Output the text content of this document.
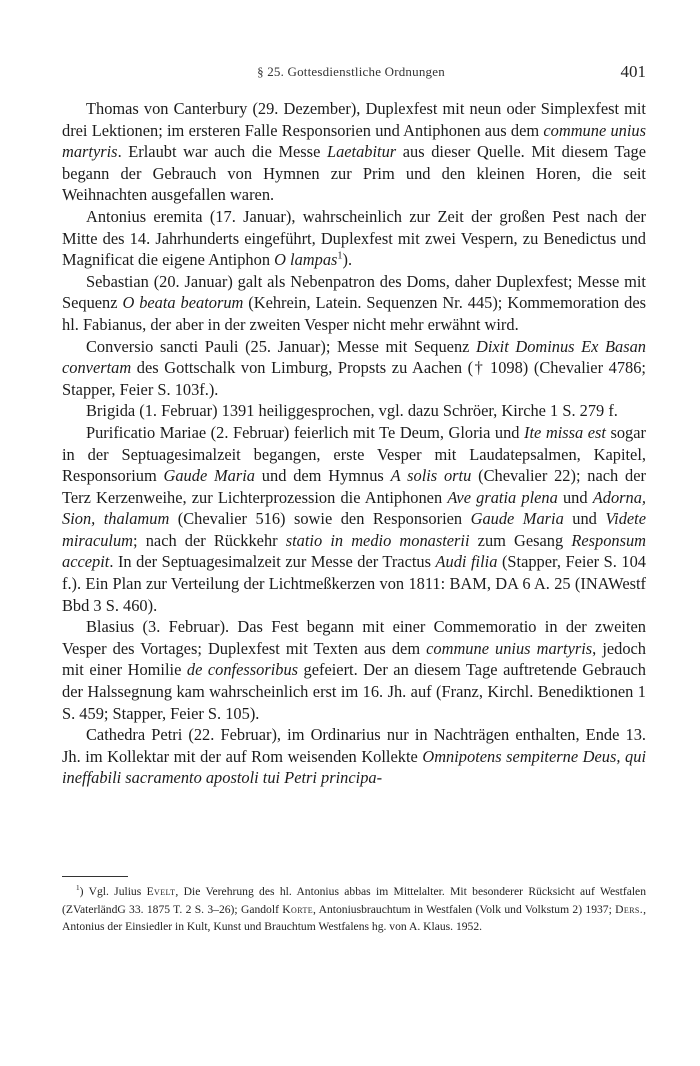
§ 25. Gottesdienstliche Ordnungen	401

Thomas von Canterbury (29. Dezember), Duplexfest mit neun oder Simplexfest mit drei Lektionen; im ersteren Falle Responsorien und Antiphonen aus dem commune unius martyris. Erlaubt war auch die Messe Laetabitur aus dieser Quelle. Mit diesem Tage begann der Gebrauch von Hymnen zur Prim und den kleinen Horen, die seit Weihnachten ausgefallen waren.

Antonius eremita (17. Januar), wahrscheinlich zur Zeit der großen Pest nach der Mitte des 14. Jahrhunderts eingeführt, Duplexfest mit zwei Vespern, zu Benedictus und Magnificat die eigene Antiphon O lampas$^1$).

Sebastian (20. Januar) galt als Nebenpatron des Doms, daher Duplexfest; Messe mit Sequenz O beata beatorum (Kehrein, Latein. Sequenzen Nr. 445); Kommemoration des hl. Fabianus, der aber in der zweiten Vesper nicht mehr erwähnt wird.

Conversio sancti Pauli (25. Januar); Messe mit Sequenz Dixit Dominus Ex Basan convertam des Gottschalk von Limburg, Propsts zu Aachen († 1098) (Chevalier 4786; Stapper, Feier S. 103f.).

Brigida (1. Februar) 1391 heiliggesprochen, vgl. dazu Schröer, Kirche 1 S. 279 f.

Purificatio Mariae (2. Februar) feierlich mit Te Deum, Gloria und Ite missa est sogar in der Septuagesimalzeit begangen, erste Vesper mit Laudatepsalmen, Kapitel, Responsorium Gaude Maria und dem Hymnus A solis ortu (Chevalier 22); nach der Terz Kerzenweihe, zur Lichterprozession die Antiphonen Ave gratia plena und Adorna, Sion, thalamum (Chevalier 516) sowie den Responsorien Gaude Maria und Videte miraculum; nach der Rückkehr statio in medio monasterii zum Gesang Responsum accepit. In der Septuagesimalzeit zur Messe der Tractus Audi filia (Stapper, Feier S. 104 f.). Ein Plan zur Verteilung der Lichtmeßkerzen von 1811: BAM, DA 6 A. 25 (INAWestf Bbd 3 S. 460).

Blasius (3. Februar). Das Fest begann mit einer Commemoratio in der zweiten Vesper des Vortages; Duplexfest mit Texten aus dem commune unius martyris, jedoch mit einer Homilie de confessoribus gefeiert. Der an diesem Tage auftretende Gebrauch der Halssegnung kam wahrscheinlich erst im 16. Jh. auf (Franz, Kirchl. Benediktionen 1 S. 459; Stapper, Feier S. 105).

Cathedra Petri (22. Februar), im Ordinarius nur in Nachträgen enthalten, Ende 13. Jh. im Kollektar mit der auf Rom weisenden Kollekte Omnipotens sempiterne Deus, qui ineffabili sacramento apostoli tui Petri principa-

$^1$) Vgl. Julius Evelt, Die Verehrung des hl. Antonius abbas im Mittelalter. Mit besonderer Rücksicht auf Westfalen (ZVaterländG 33. 1875 T. 2 S. 3–26); Gandolf Korte, Antoniusbrauchtum in Westfalen (Volk und Volkstum 2) 1937; Ders., Antonius der Einsiedler in Kult, Kunst und Brauchtum Westfalens hg. von A. Klaus. 1952.
